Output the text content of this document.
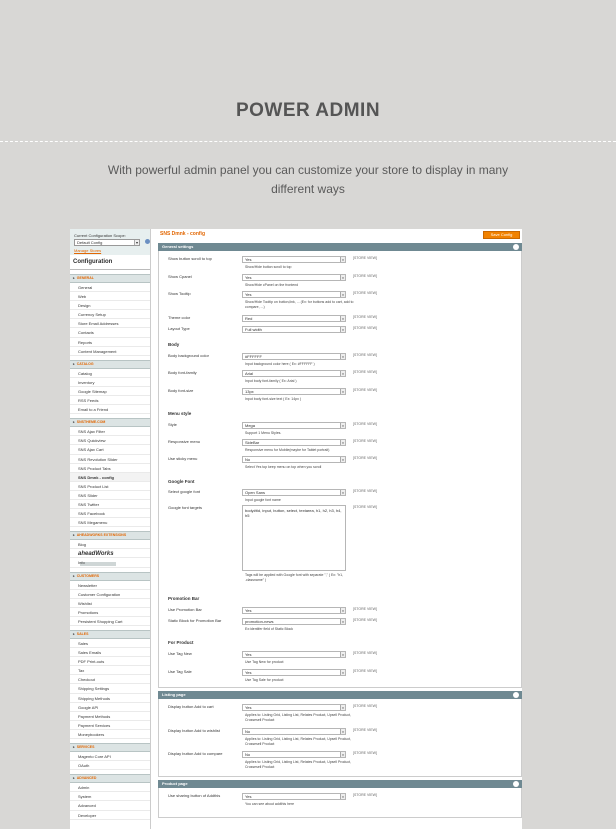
POWER ADMIN
With powerful admin panel you can customize your store to display in many different ways
Current Configuration Scope:
Default Config	▾
Manage Stores
Configuration
▸ GENERAL
General
Web
Design
Currency Setup
Store Email Addresses
Contacts
Reports
Content Management
▸ CATALOG
Catalog
Inventory
Google Sitemap
RSS Feeds
Email to a Friend
▸ SNSTHEME.COM
SNS Ajax Filter
SNS Quickview
SNS Ajax Cart
SNS Revolution Slider
SNS Product Tabs
SNS Dmnk - config
SNS Product List
SNS Slider
SNS Twitter
SNS Facebook
SNS Megamenu
▸ AHEADWORKS EXTENSIONS
Blog
aheadWorks
Info
▸ CUSTOMERS
Newsletter
Customer Configuration
Wishlist
Promotions
Persistent Shopping Cart
▸ SALES
Sales
Sales Emails
PDF Print-outs
Tax
Checkout
Shipping Settings
Shipping Methods
Google API
Payment Methods
Payment Services
Moneybookers
▸ SERVICES
Magento Core API
OAuth
▸ ADVANCED
Admin
System
Advanced
Developer
SNS Dmnk - config	Save Config
General settings
Show button scroll to top	Yes	▾
Show/Hide button scroll to top
[STORE VIEW]
Show Cpanel	Yes	▾
Show/Hide cPanel on the frontend
[STORE VIEW]
Show Tooltip	Yes	▾
Show/Hide Tooltip on button,link, ... (Ex: for buttons add to cart, add to compare, ...)
[STORE VIEW]
Theme color	Red	▾	[STORE VIEW]
Layout Type	Full width	▾	[STORE VIEW]
Body
Body background color	#FFFFFF	▾
Input background color here ( Ex: #FFFFFF )
[STORE VIEW]
Body font-family	Arial	▾
Input body font-family ( Ex: Arial )
[STORE VIEW]
Body font-size	13px	▾
Input body font-size text ( Ex: 14px )
[STORE VIEW]
Menu style
Style	Mega	▾
Support 1 Menu Styles.
[STORE VIEW]
Responsive menu	SideBar	▾
Responsive menu for Mobile(maybe for Tablet portrait)
[STORE VIEW]
Use sticky menu	No	▾
Select Yes top keep menu on top when you scroll
[STORE VIEW]
Google Font
Select google font	Open Sans	▾
Input google font name
[STORE VIEW]
Google font targets
body#tid, input, button, select, textarea, h1, h2, h3, h4, h5
Tags will be applied with Google font with separate "," ( Ex: "h1, .classname" )
[STORE VIEW]
Promotion Bar
Use Promotion Bar	Yes	▾	[STORE VIEW]
Static Block for Promotion Bar	promotion-news	▾
Ex:identifer field of Static Block
[STORE VIEW]
For Product
Use Tag New	Yes	▾
Use Tag New for product
[STORE VIEW]
Use Tag Sale	Yes	▾
Use Tag Sale for product
[STORE VIEW]
Listing page
Display button Add to cart	Yes	▾
Applies to: Listing Grid, Listing List, Relates Product, Upsell Product, Crossesell Product
[STORE VIEW]
Display button Add to wishlist	No	▾
Applies to: Listing Grid, Listing List, Relates Product, Upsell Product, Crossesell Product
[STORE VIEW]
Display button Add to compare	No	▾
Applies to: Listing Grid, Listing List, Relates Product, Upsell Product, Crossesell Product
[STORE VIEW]
Product page
Use sharing button of Addthis	Yes	▾
You can see about addthis here
[STORE VIEW]
